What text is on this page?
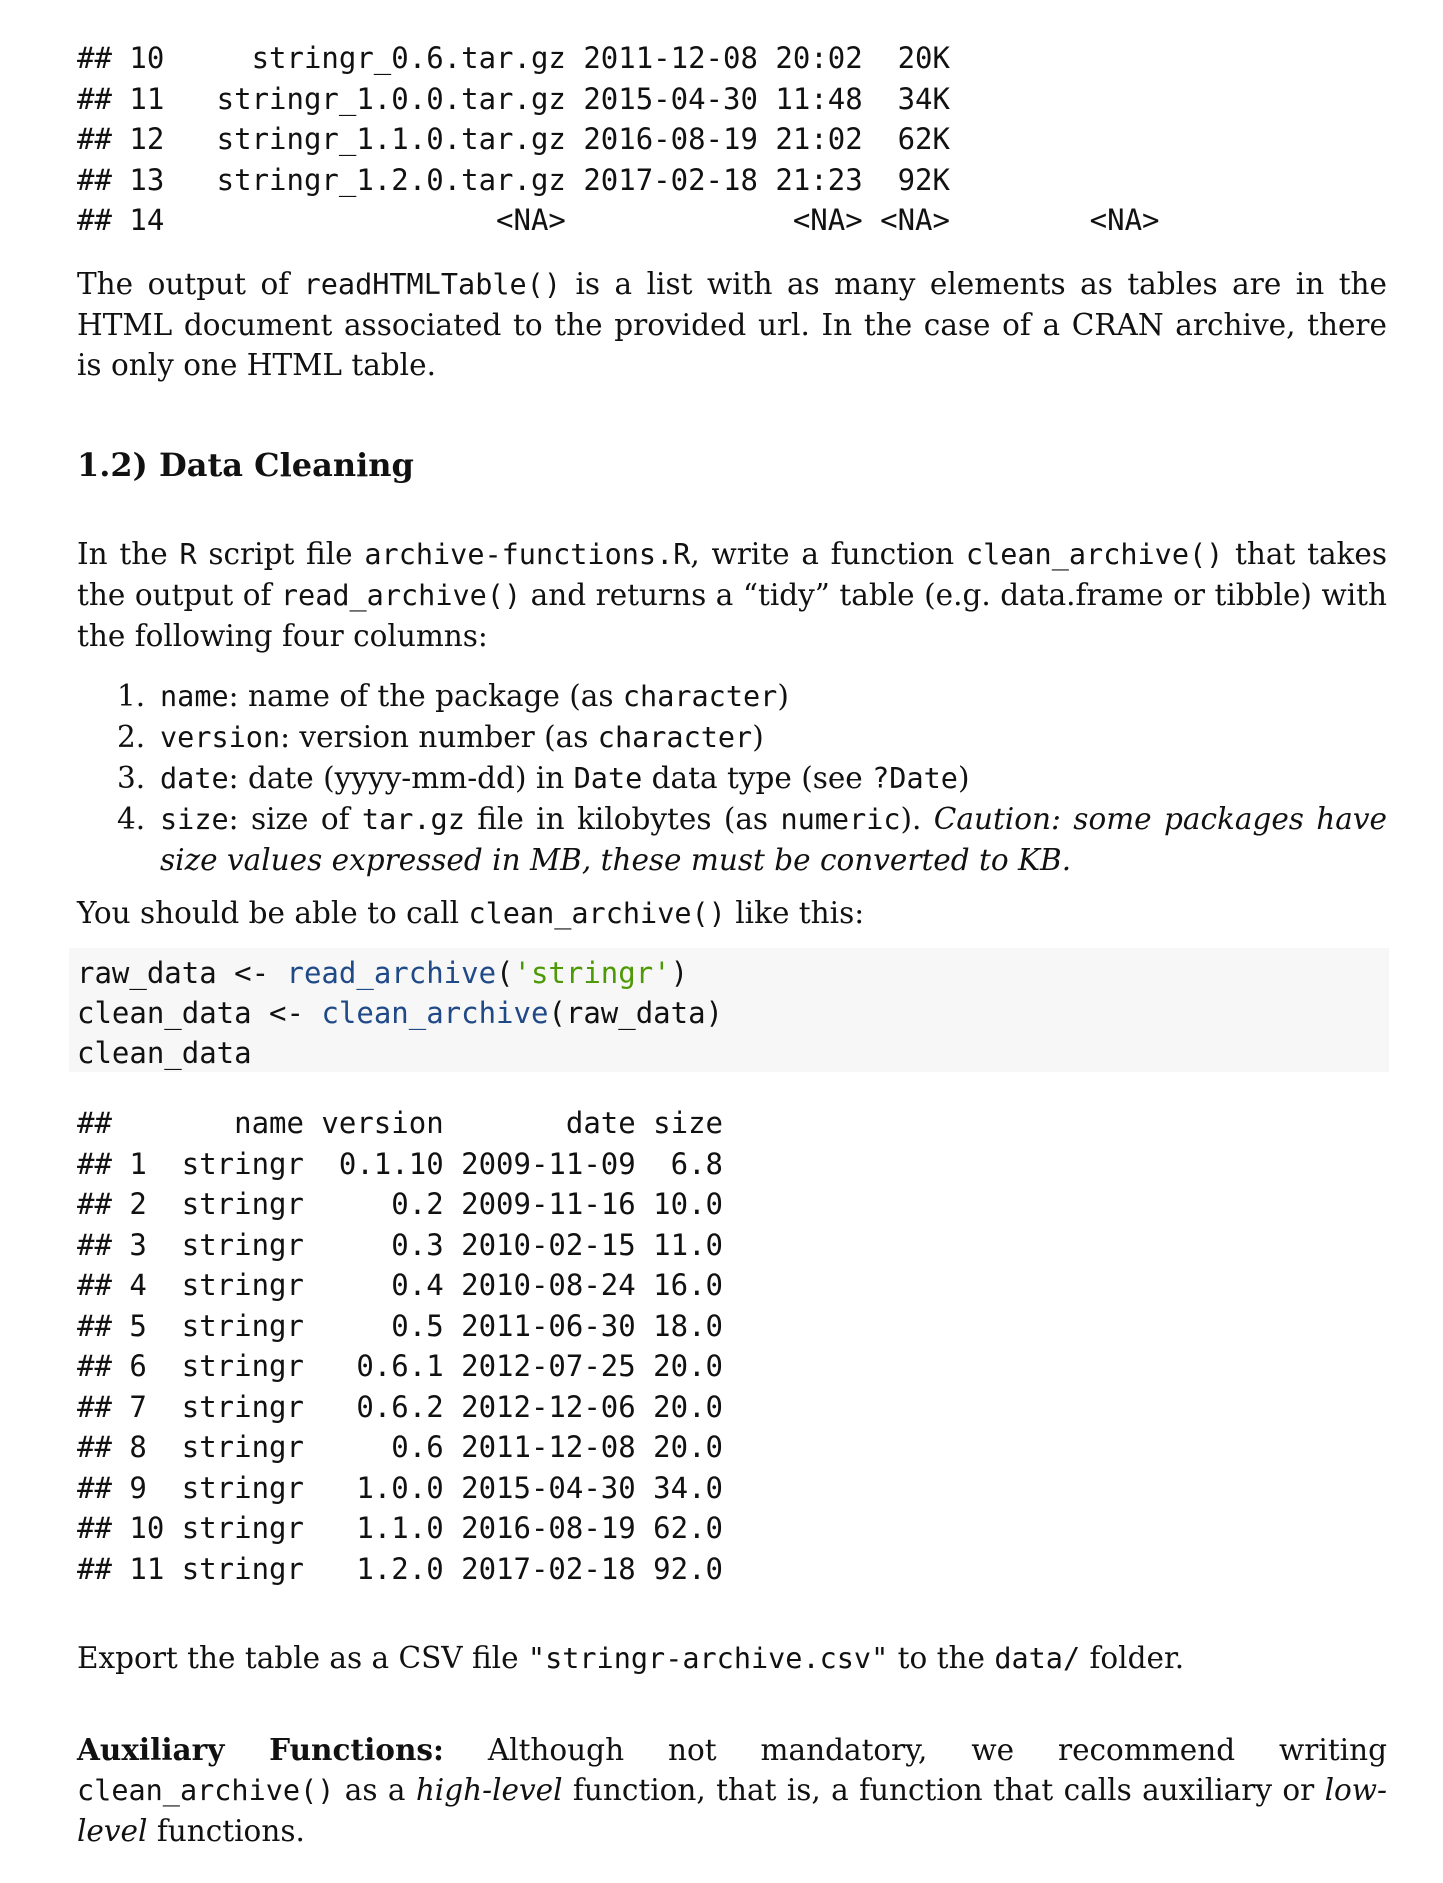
## 10     stringr_0.6.tar.gz 2011-12-08 20:02  20K
## 11   stringr_1.0.0.tar.gz 2015-04-30 11:48  34K
## 12   stringr_1.1.0.tar.gz 2016-08-19 21:02  62K
## 13   stringr_1.2.0.tar.gz 2017-02-18 21:23  92K
## 14                   <NA>             <NA> <NA>        <NA>

The output of readHTMLTable() is a list with as many elements as tables are in the HTML document associated to the provided url. In the case of a CRAN archive, there is only one HTML table.

1.2) Data Cleaning

In the R script file archive-functions.R, write a function clean_archive() that takes the output of read_archive() and returns a “tidy” table (e.g. data.frame or tibble) with the following four columns:

1. name: name of the package (as character)
2. version: version number (as character)
3. date: date (yyyy-mm-dd) in Date data type (see ?Date)
4. size: size of tar.gz file in kilobytes (as numeric). Caution: some packages have size values expressed in MB, these must be converted to KB.

You should be able to call clean_archive() like this:

raw_data <- read_archive('stringr')
clean_data <- clean_archive(raw_data)
clean_data
##       name version       date size
## 1  stringr  0.1.10 2009-11-09  6.8
## 2  stringr     0.2 2009-11-16 10.0
## 3  stringr     0.3 2010-02-15 11.0
## 4  stringr     0.4 2010-08-24 16.0
## 5  stringr     0.5 2011-06-30 18.0
## 6  stringr   0.6.1 2012-07-25 20.0
## 7  stringr   0.6.2 2012-12-06 20.0
## 8  stringr     0.6 2011-12-08 20.0
## 9  stringr   1.0.0 2015-04-30 34.0
## 10 stringr   1.1.0 2016-08-19 62.0
## 11 stringr   1.2.0 2017-02-18 92.0

Export the table as a CSV file "stringr-archive.csv" to the data/ folder.

Auxiliary Functions: Although not mandatory, we recommend writing clean_archive() as a high-level function, that is, a function that calls auxiliary or low-level functions.
